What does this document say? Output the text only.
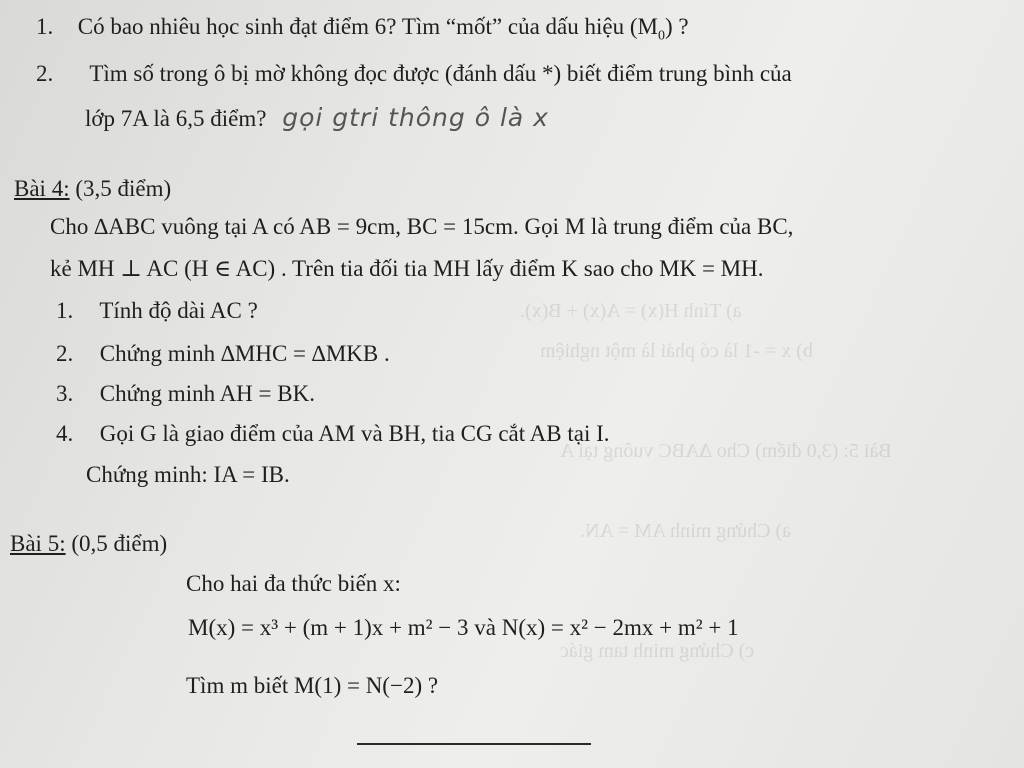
a) Tính H(x) = A(x) + B(x).
b) x = -1 là có phải là một nghiệm
Bài 5: (3,0 điểm) Cho ∆ABC vuông tại A
a) Chứng minh AM = AN.
c) Chứng minh tam giác
1. Có bao nhiêu học sinh đạt điểm 6? Tìm “mốt” của dấu hiệu $(M_0)$ ?
2. Tìm số trong ô bị mờ không đọc được (đánh dấu *) biết điểm trung bình của
lớp 7A là 6,5 điểm? gọi gtri thông ô là x
Bài 4: (3,5 điểm)
Cho ∆ABC vuông tại A có AB = 9cm, BC = 15cm. Gọi M là trung điểm của BC,
kẻ MH ⊥ AC (H ∈ AC) . Trên tia đối tia MH lấy điểm K sao cho MK = MH.
1. Tính độ dài AC ?
2. Chứng minh ∆MHC = ∆MKB .
3. Chứng minh AH = BK.
4. Gọi G là giao điểm của AM và BH, tia CG cắt AB tại I.
Chứng minh: IA = IB.
Bài 5: (0,5 điểm)
Cho hai đa thức biến x:
M(x) = x³ + (m + 1)x + m² − 3 và N(x) = x² − 2mx + m² + 1
Tìm m biết M(1) = N(−2) ?
